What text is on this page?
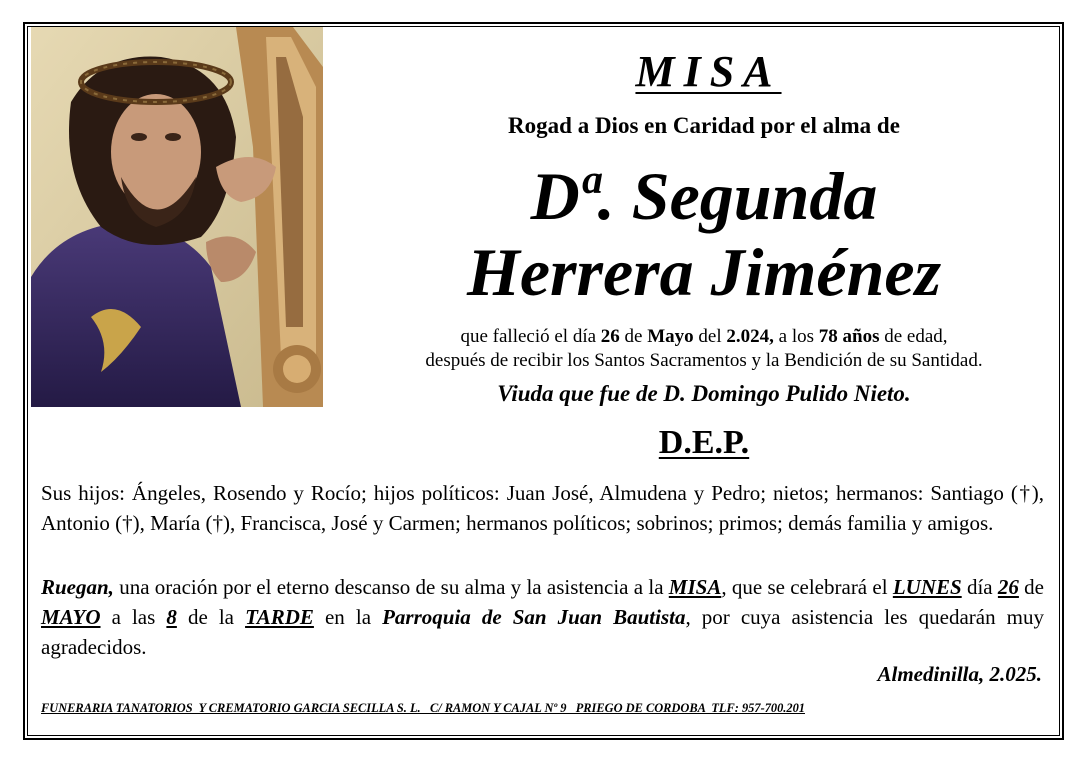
MISA
Rogad a Dios en Caridad por el alma de
Dª. Segunda
Herrera Jiménez
que falleció el día 26 de Mayo del 2.024, a los 78 años de edad,
después de recibir los Santos Sacramentos y la Bendición de su Santidad.
Viuda que fue de D. Domingo Pulido Nieto.
D.E.P.
Sus hijos: Ángeles, Rosendo y Rocío; hijos políticos: Juan José, Almudena y Pedro; nietos; hermanos: Santiago (†), Antonio (†), María (†), Francisca, José y Carmen; hermanos políticos; sobrinos; primos; demás familia y amigos.
Ruegan, una oración por el eterno descanso de su alma y la asistencia a la MISA, que se celebrará el LUNES día 26 de MAYO a las 8 de la TARDE en la Parroquia de San Juan Bautista, por cuya asistencia les quedarán muy agradecidos.
Almedinilla, 2.025.
FUNERARIA TANATORIOS  Y CREMATORIO GARCIA SECILLA S. L.   C/ RAMON Y CAJAL Nº 9   PRIEGO DE CORDOBA  TLF: 957-700.201
